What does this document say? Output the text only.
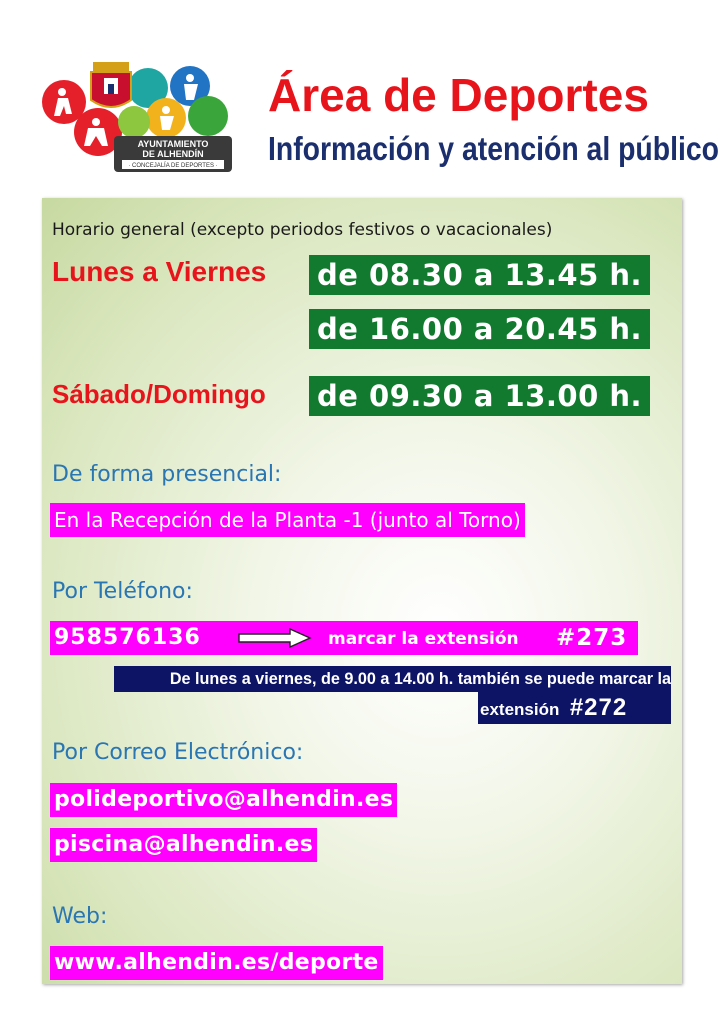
AYUNTAMIENTO
DE ALHENDÍN
· CONCEJALÍA DE DEPORTES ·
Área de Deportes
Información y atención al público
Horario general (excepto periodos festivos o vacacionales)
Lunes a Viernes de 08.30 a 13.45 h.
de 16.00 a 20.45 h.
Sábado/Domingo de 09.30 a 13.00 h.
De forma presencial:
En la Recepción de la Planta -1 (junto al Torno)
Por Teléfono:
958576136	marcar la extensión #273
De lunes a viernes, de 9.00 a 14.00 h. también se puede marcar la
extensión #272
Por Correo Electrónico:
polideportivo@alhendin.es
piscina@alhendin.es
Web:
www.alhendin.es/deporte
